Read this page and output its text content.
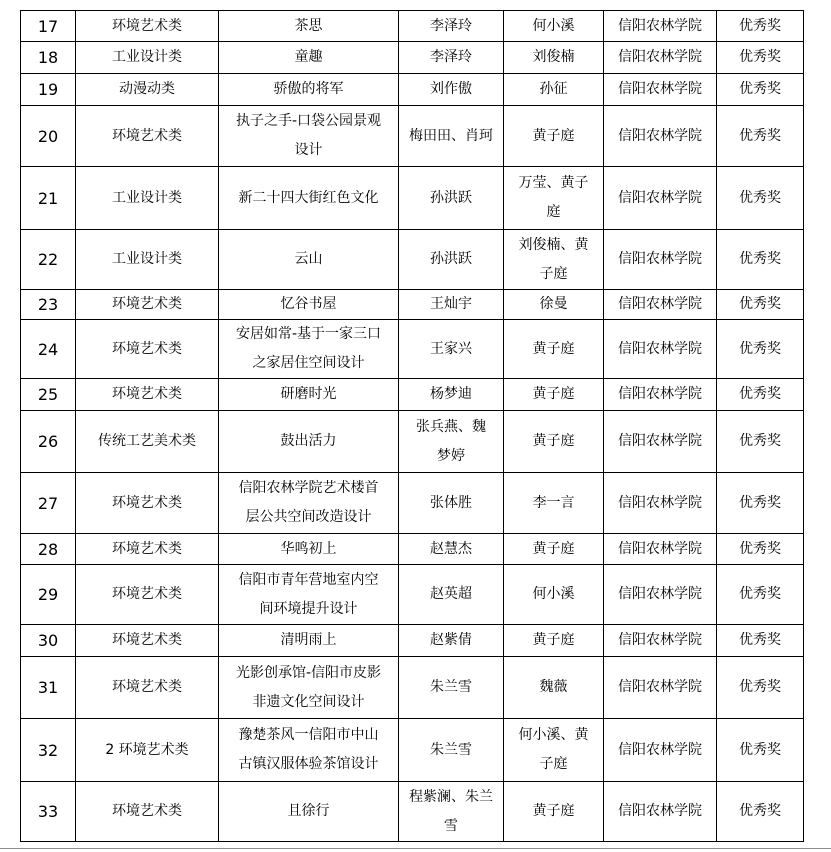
17	环境艺术类	茶思	李泽玲	何小溪	信阳农林学院	优秀奖
18	工业设计类	童趣	李泽玲	刘俊楠	信阳农林学院	优秀奖
19	动漫动类	骄傲的将军	刘作傲	孙征	信阳农林学院	优秀奖
20	环境艺术类	执子之手-口袋公园景观
设计	梅田田、肖珂	黄子庭	信阳农林学院	优秀奖
21	工业设计类	新二十四大街红色文化	孙洪跃	万莹、黄子
庭	信阳农林学院	优秀奖
22	工业设计类	云山	孙洪跃	刘俊楠、黄
子庭	信阳农林学院	优秀奖
23	环境艺术类	忆谷书屋	王灿宇	徐曼	信阳农林学院	优秀奖
24	环境艺术类	安居如常-基于一家三口
之家居住空间设计	王家兴	黄子庭	信阳农林学院	优秀奖
25	环境艺术类	研磨时光	杨梦迪	黄子庭	信阳农林学院	优秀奖
26	传统工艺美术类	鼓出活力	张兵燕、魏
梦婷	黄子庭	信阳农林学院	优秀奖
27	环境艺术类	信阳农林学院艺术楼首
层公共空间改造设计	张体胜	李一言	信阳农林学院	优秀奖
28	环境艺术类	华鸣初上	赵慧杰	黄子庭	信阳农林学院	优秀奖
29	环境艺术类	信阳市青年营地室内空
间环境提升设计	赵英超	何小溪	信阳农林学院	优秀奖
30	环境艺术类	清明雨上	赵紫倩	黄子庭	信阳农林学院	优秀奖
31	环境艺术类	光影创承馆-信阳市皮影
非遗文化空间设计	朱兰雪	魏薇	信阳农林学院	优秀奖
32	2 环境艺术类	豫楚茶风一信阳市中山
古镇汉服体验茶馆设计	朱兰雪	何小溪、黄
子庭	信阳农林学院	优秀奖
33	环境艺术类	且徐行	程紫澜、朱兰
雪	黄子庭	信阳农林学院	优秀奖
